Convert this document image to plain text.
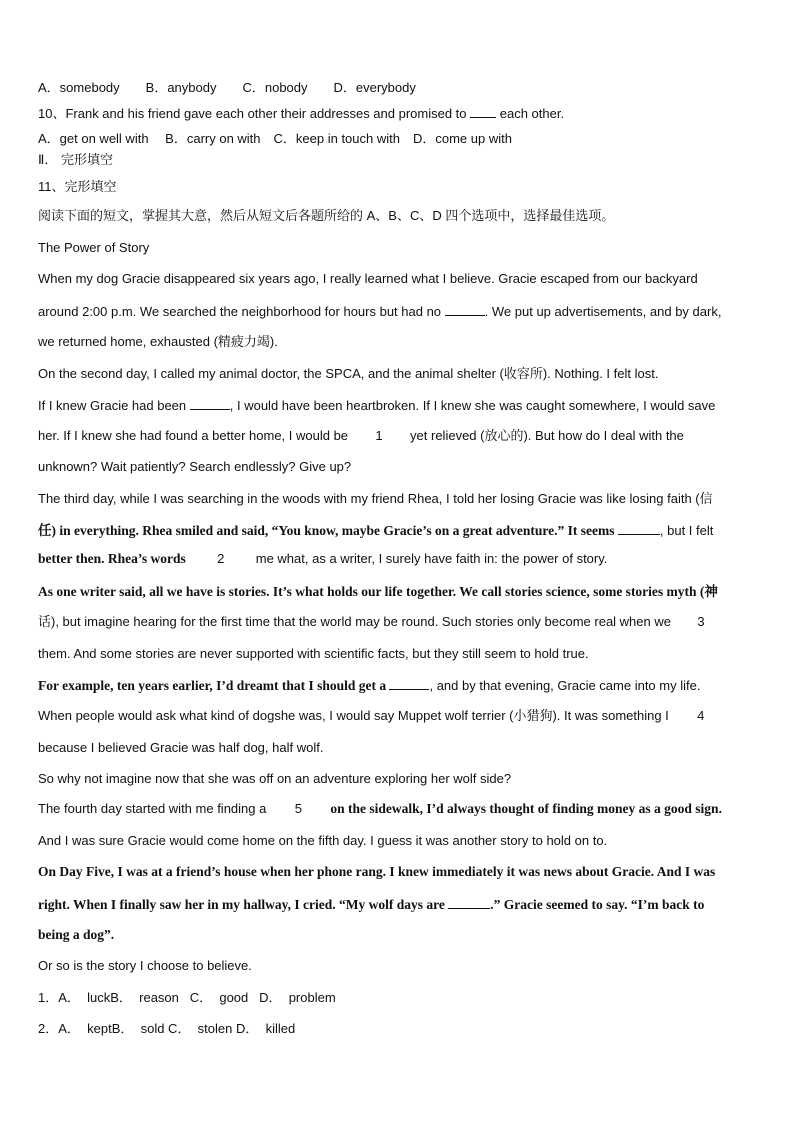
A．somebody　　B．anybody　　C．nobody　　D．everybody
10、Frank and his friend gave each other their addresses and promised to  each other.
A．get on well with　 B．carry on with　C．keep in touch with　D．come up with
Ⅱ． 完形填空
11、完形填空
阅读下面的短文，掌握其大意，然后从短文后各题所给的 A、B、C、D 四个选项中，选择最佳选项。
The Power of Story
When my dog Gracie disappeared six years ago, I really learned what I believe. Gracie escaped from our backyard
around 2:00 p.m. We searched the neighborhood for hours but had no	. We put up advertisements, and by dark,
we returned home, exhausted (精疲力竭).
On the second day, I called my animal doctor, the SPCA, and the animal shelter (收容所). Nothing. I felt lost.
If I knew Gracie had been	, I would have been heartbroken. If I knew she was caught somewhere, I would save
her. If I knew she had found a better home, I would be 1 yet relieved (放心的). But how do I deal with the
unknown? Wait patiently? Search endlessly? Give up?
The third day, while I was searching in the woods with my friend Rhea, I told her losing Gracie was like losing faith (信
任) in everything. Rhea smiled and said, “You know, maybe Gracie’s on a great adventure.” It seems	, but I felt
better then. Rhea’s words 2 me what, as a writer, I surely have faith in: the power of story.
As one writer said, all we have is stories. It’s what holds our life together. We call stories science, some stories myth (神
话), but imagine hearing for the first time that the world may be round. Such stories only become real when we 3
them. And some stories are never supported with scientific facts, but they still seem to hold true.
For example, ten years earlier, I’d dreamt that I should get a	, and by that evening, Gracie came into my life.
When people would ask what kind of dogshe was, I would say Muppet wolf terrier (小猎狗). It was something I 4
because I believed Gracie was half dog, half wolf.
So why not imagine now that she was off on an adventure exploring her wolf side?
The fourth day started with me finding a 5 on the sidewalk, I’d always thought of finding money as a good sign.
And I was sure Gracie would come home on the fifth day. I guess it was another story to hold on to.
On Day Five, I was at a friend’s house when her phone rang. I knew immediately it was news about Gracie. And I was
right. When I finally saw her in my hallway, I cried. “My wolf days are	.” Gracie seemed to say. “I’m back to
being a dog”.
Or so is the story I choose to believe.
1．A．  luckB．  reason   C．  good   D．  problem
2．A．  keptB．  sold C．  stolen D．  killed
